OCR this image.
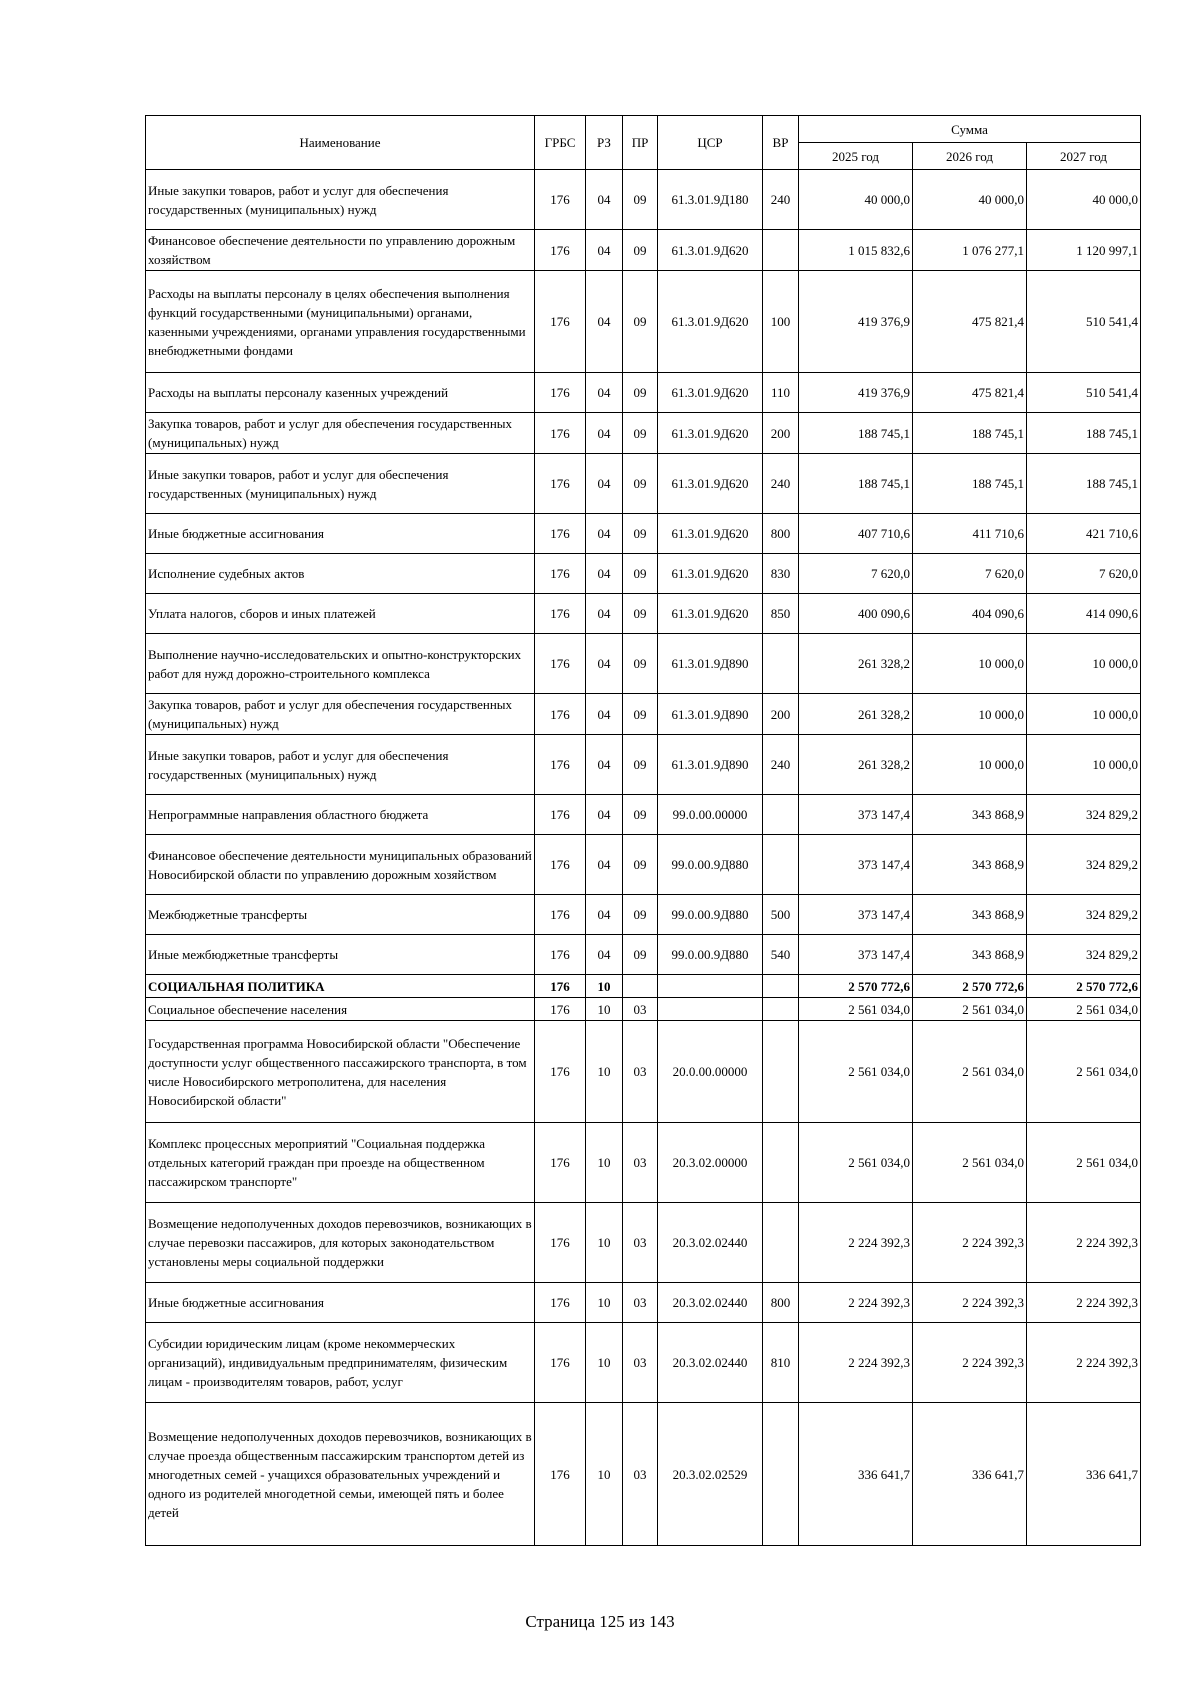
Наименование	ГРБС	РЗ	ПР	ЦСР	ВР	Сумма		
						2025 год	2026 год	2027 год
Иные закупки товаров, работ и услуг для обеспечения государственных (муниципальных) нужд	176	04	09	61.3.01.9Д180	240	40 000,0	40 000,0	40 000,0
Финансовое обеспечение деятельности по управлению дорожным хозяйством	176	04	09	61.3.01.9Д620		1 015 832,6	1 076 277,1	1 120 997,1
Расходы на выплаты персоналу в целях обеспечения выполнения функций государственными (муниципальными) органами, казенными учреждениями, органами управления государственными внебюджетными фондами	176	04	09	61.3.01.9Д620	100	419 376,9	475 821,4	510 541,4
Расходы на выплаты персоналу казенных учреждений	176	04	09	61.3.01.9Д620	110	419 376,9	475 821,4	510 541,4
Закупка товаров, работ и услуг для обеспечения государственных (муниципальных) нужд	176	04	09	61.3.01.9Д620	200	188 745,1	188 745,1	188 745,1
Иные закупки товаров, работ и услуг для обеспечения государственных (муниципальных) нужд	176	04	09	61.3.01.9Д620	240	188 745,1	188 745,1	188 745,1
Иные бюджетные ассигнования	176	04	09	61.3.01.9Д620	800	407 710,6	411 710,6	421 710,6
Исполнение судебных актов	176	04	09	61.3.01.9Д620	830	7 620,0	7 620,0	7 620,0
Уплата налогов, сборов и иных платежей	176	04	09	61.3.01.9Д620	850	400 090,6	404 090,6	414 090,6
Выполнение научно-исследовательских и опытно-конструкторских работ для нужд дорожно-строительного комплекса	176	04	09	61.3.01.9Д890		261 328,2	10 000,0	10 000,0
Закупка товаров, работ и услуг для обеспечения государственных (муниципальных) нужд	176	04	09	61.3.01.9Д890	200	261 328,2	10 000,0	10 000,0
Иные закупки товаров, работ и услуг для обеспечения государственных (муниципальных) нужд	176	04	09	61.3.01.9Д890	240	261 328,2	10 000,0	10 000,0
Непрограммные направления областного бюджета	176	04	09	99.0.00.00000		373 147,4	343 868,9	324 829,2
Финансовое обеспечение деятельности муниципальных образований Новосибирской области по управлению дорожным хозяйством	176	04	09	99.0.00.9Д880		373 147,4	343 868,9	324 829,2
Межбюджетные трансферты	176	04	09	99.0.00.9Д880	500	373 147,4	343 868,9	324 829,2
Иные межбюджетные трансферты	176	04	09	99.0.00.9Д880	540	373 147,4	343 868,9	324 829,2
СОЦИАЛЬНАЯ ПОЛИТИКА	176	10				2 570 772,6	2 570 772,6	2 570 772,6
Социальное обеспечение населения	176	10	03			2 561 034,0	2 561 034,0	2 561 034,0
Государственная программа Новосибирской области "Обеспечение доступности услуг общественного пассажирского транспорта, в том числе Новосибирского метрополитена, для населения Новосибирской области"	176	10	03	20.0.00.00000		2 561 034,0	2 561 034,0	2 561 034,0
Комплекс процессных мероприятий "Социальная поддержка отдельных категорий граждан при проезде на общественном пассажирском транспорте"	176	10	03	20.3.02.00000		2 561 034,0	2 561 034,0	2 561 034,0
Возмещение недополученных доходов перевозчиков, возникающих в случае перевозки пассажиров, для которых законодательством установлены меры социальной поддержки	176	10	03	20.3.02.02440		2 224 392,3	2 224 392,3	2 224 392,3
Иные бюджетные ассигнования	176	10	03	20.3.02.02440	800	2 224 392,3	2 224 392,3	2 224 392,3
Субсидии юридическим лицам (кроме некоммерческих организаций), индивидуальным предпринимателям, физическим лицам - производителям товаров, работ, услуг	176	10	03	20.3.02.02440	810	2 224 392,3	2 224 392,3	2 224 392,3
Возмещение недополученных доходов перевозчиков, возникающих в случае проезда общественным пассажирским транспортом детей из многодетных семей - учащихся образовательных учреждений и одного из родителей многодетной семьи, имеющей пять и более детей	176	10	03	20.3.02.02529		336 641,7	336 641,7	336 641,7
Страница 125 из 143
